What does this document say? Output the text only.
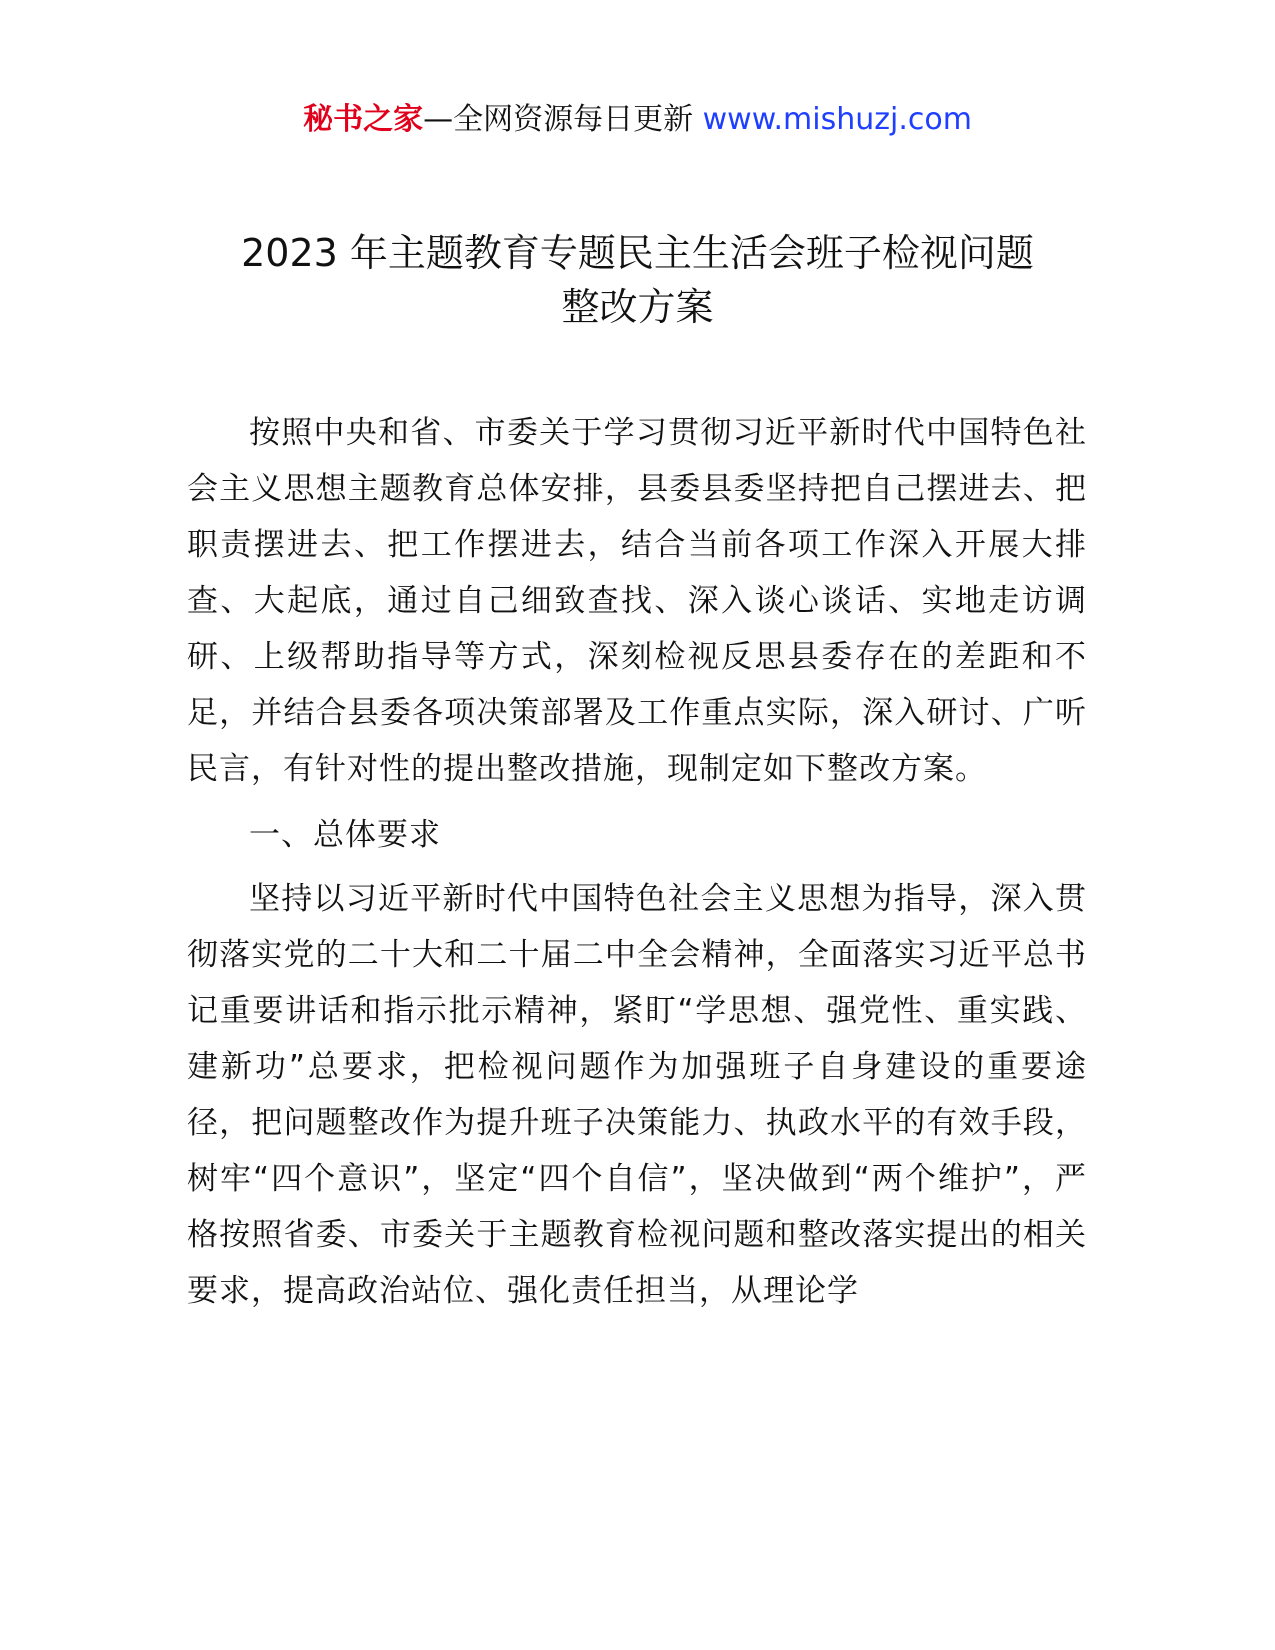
秘书之家—全网资源每日更新 www.mishuzj.com
2023 年主题教育专题民主生活会班子检视问题
整改方案

按照中央和省、市委关于学习贯彻习近平新时代中国特色社会主义思想主题教育总体安排，县委县委坚持把自己摆进去、把职责摆进去、把工作摆进去，结合当前各项工作深入开展大排查、大起底，通过自己细致查找、深入谈心谈话、实地走访调研、上级帮助指导等方式，深刻检视反思县委存在的差距和不足，并结合县委各项决策部署及工作重点实际，深入研讨、广听民言，有针对性的提出整改措施，现制定如下整改方案。

一、总体要求

坚持以习近平新时代中国特色社会主义思想为指导，深入贯彻落实党的二十大和二十届二中全会精神，全面落实习近平总书记重要讲话和指示批示精神，紧盯“学思想、强党性、重实践、建新功”总要求，把检视问题作为加强班子自身建设的重要途径，把问题整改作为提升班子决策能力、执政水平的有效手段，树牢“四个意识”，坚定“四个自信”，坚决做到“两个维护”，严格按照省委、市委关于主题教育检视问题和整改落实提出的相关要求，提高政治站位、强化责任担当，从理论学
